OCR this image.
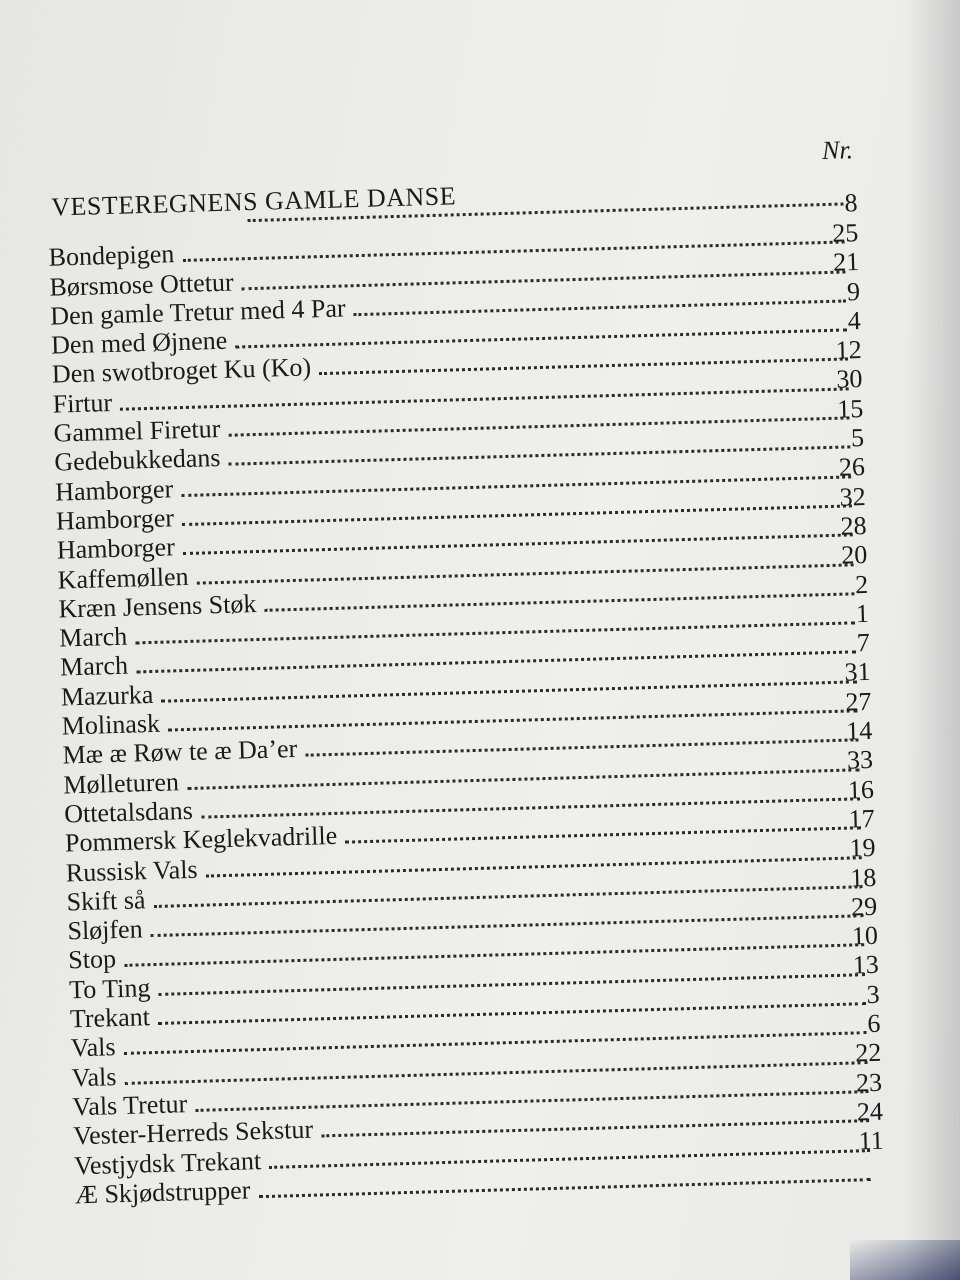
VESTEREGNENS GAMLE DANSE
Nr.
8
Bondepigen
25
Børsmose Ottetur
21
Den gamle Tretur med 4 Par
9
Den med Øjnene
4
Den swotbroget Ku (Ko)
12
Firtur
30
Gammel Firetur
15
Gedebukkedans
5
Hamborger
26
Hamborger
32
Hamborger
28
Kaffemøllen
20
Kræn Jensens Støk
2
March
1
March
7
Mazurka
31
Molinask
27
Mæ æ Røw te æ Da’er
14
Mølleturen
33
Ottetalsdans
16
Pommersk Keglekvadrille
17
Russisk Vals
19
Skift så
18
Sløjfen
29
Stop
10
To Ting
13
Trekant
3
Vals
6
Vals
22
Vals Tretur
23
Vester-Herreds Sekstur
24
Vestjydsk Trekant
11
Æ Skjødstrupper
